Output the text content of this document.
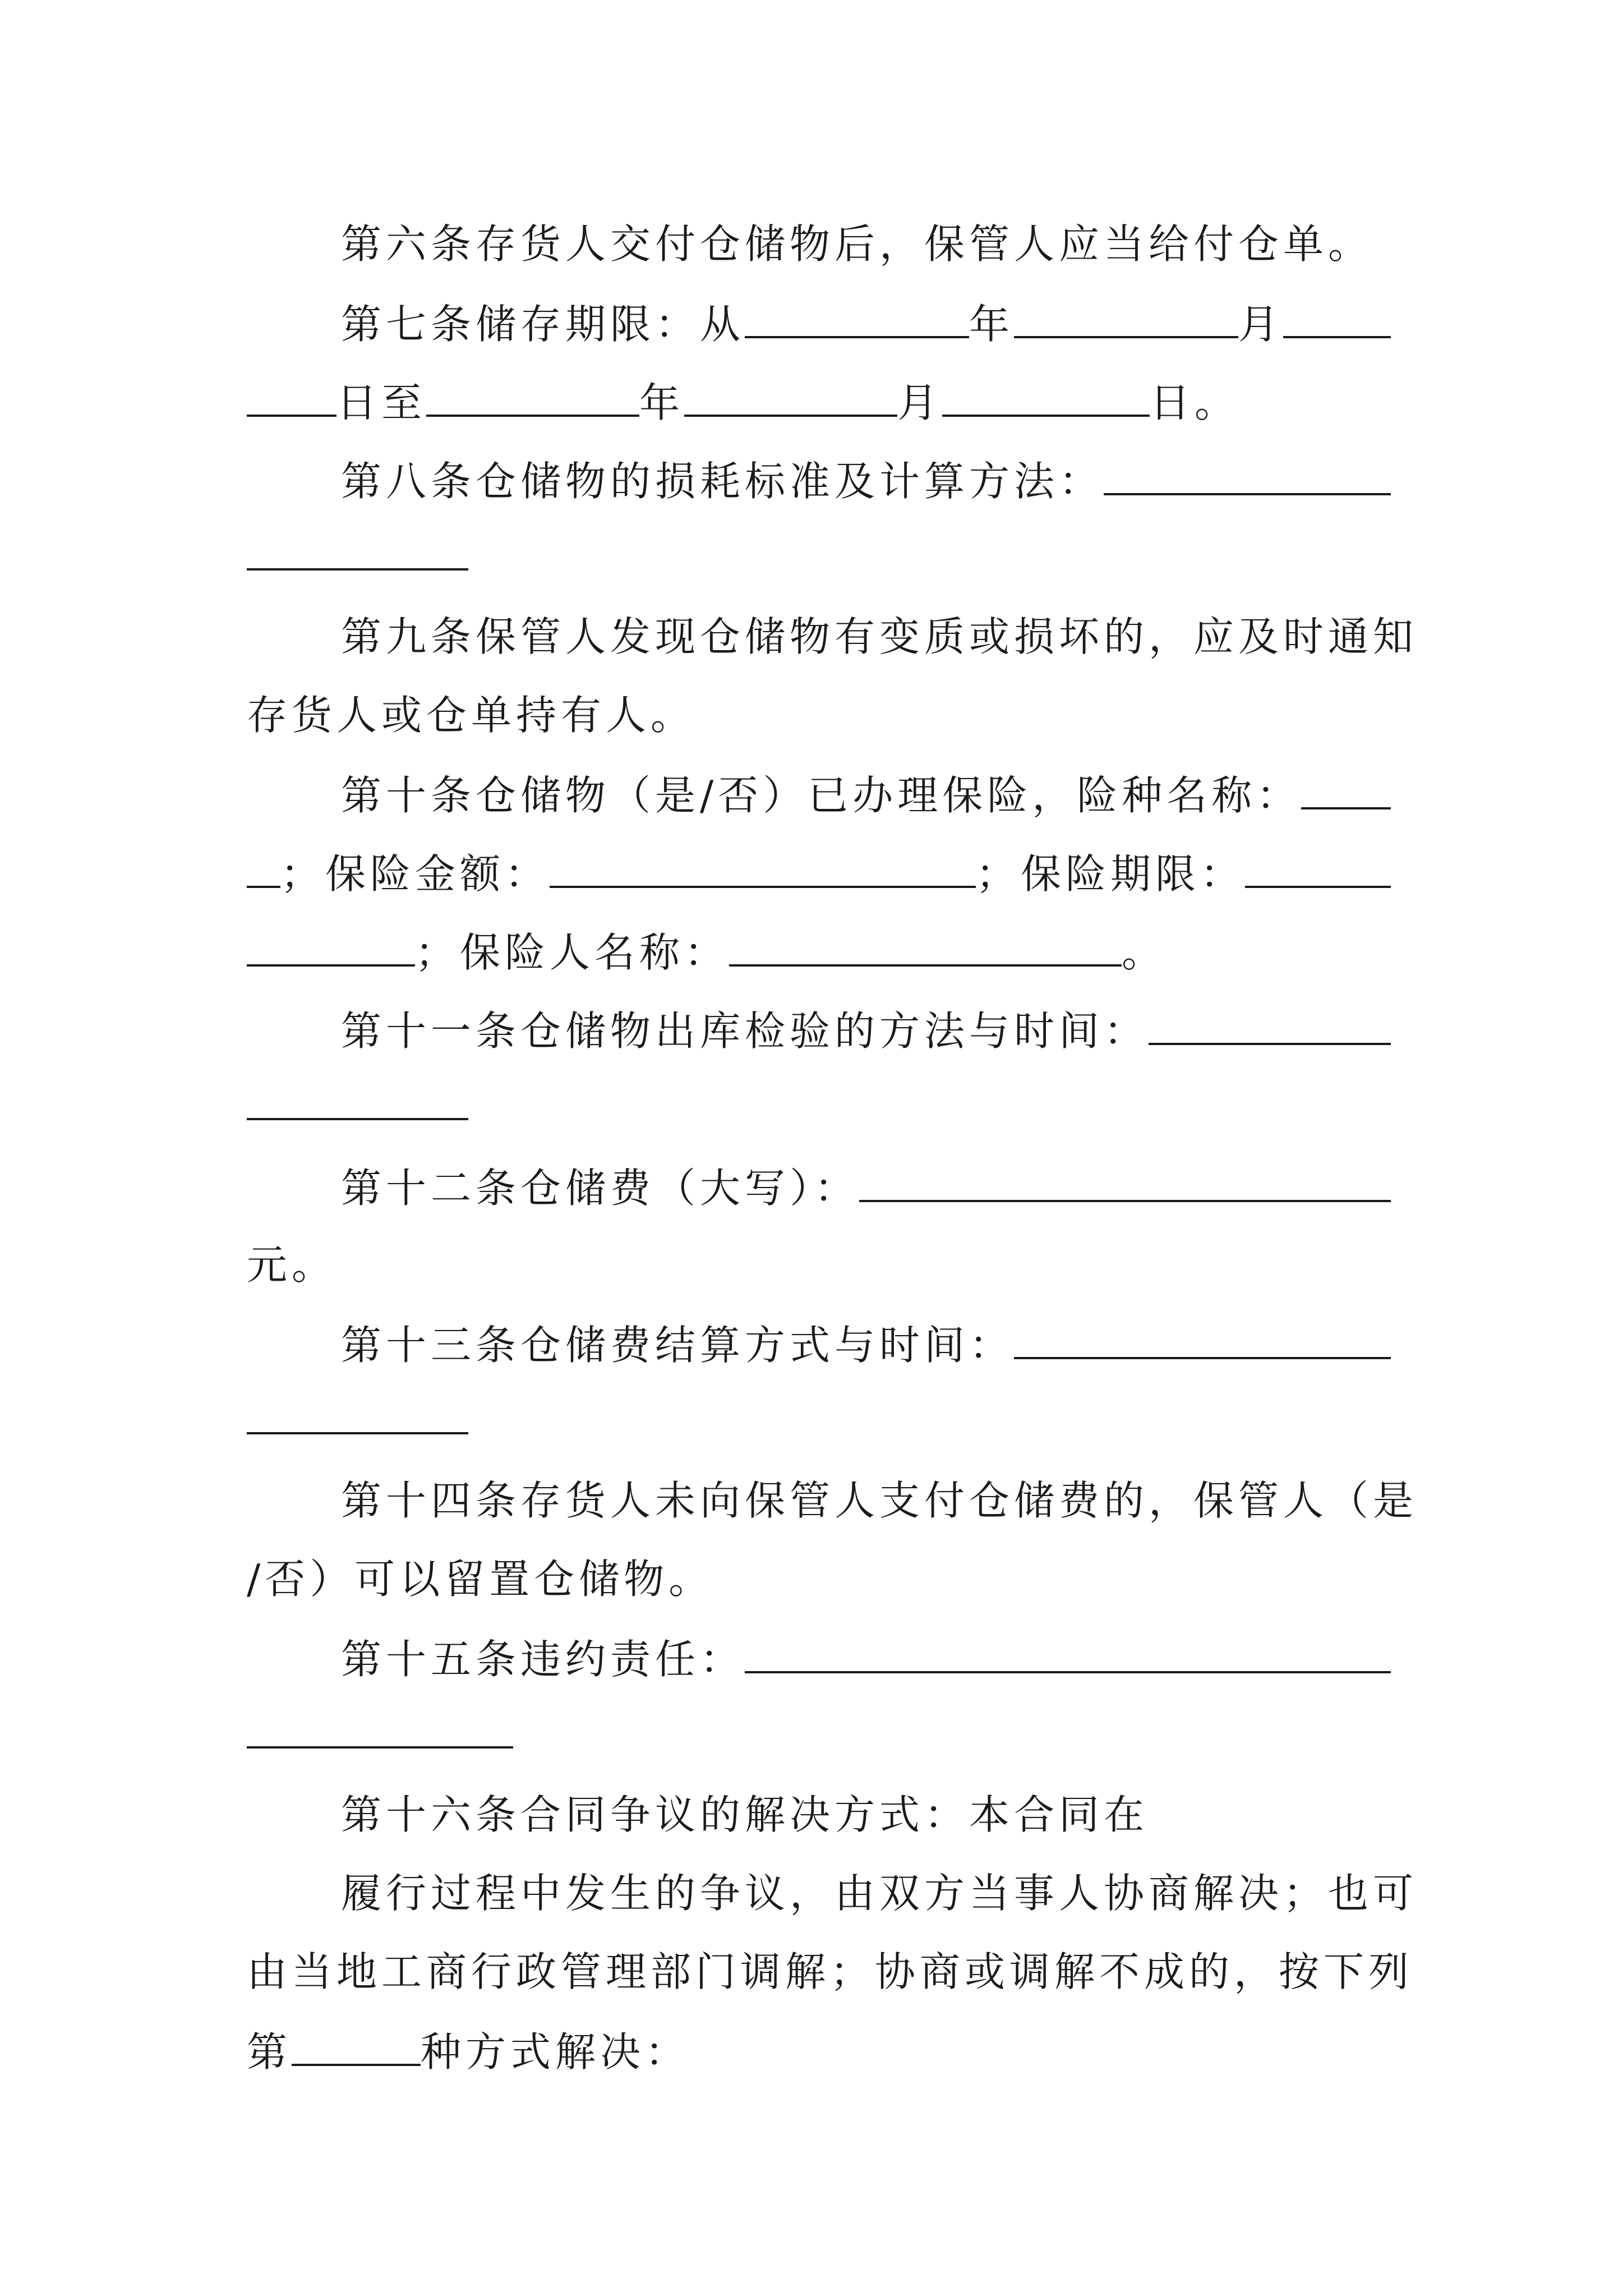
第六条存货人交付仓储物后，保管人应当给付仓单。
第七条储存期限：从	年	月
日至	年	月	日。
第八条仓储物的损耗标准及计算方法：
第九条保管人发现仓储物有变质或损坏的，应及时通知
存货人或仓单持有人。
第十条仓储物（是/否）已办理保险，险种名称：
；保险金额：	；保险期限：
；保险人名称：	。
第十一条仓储物出库检验的方法与时间：
第十二条仓储费（大写）：
元。
第十三条仓储费结算方式与时间：
第十四条存货人未向保管人支付仓储费的，保管人（是
/否）可以留置仓储物。
第十五条违约责任：
第十六条合同争议的解决方式：本合同在
履行过程中发生的争议，由双方当事人协商解决；也可
由当地工商行政管理部门调解；协商或调解不成的，按下列
第	种方式解决：
